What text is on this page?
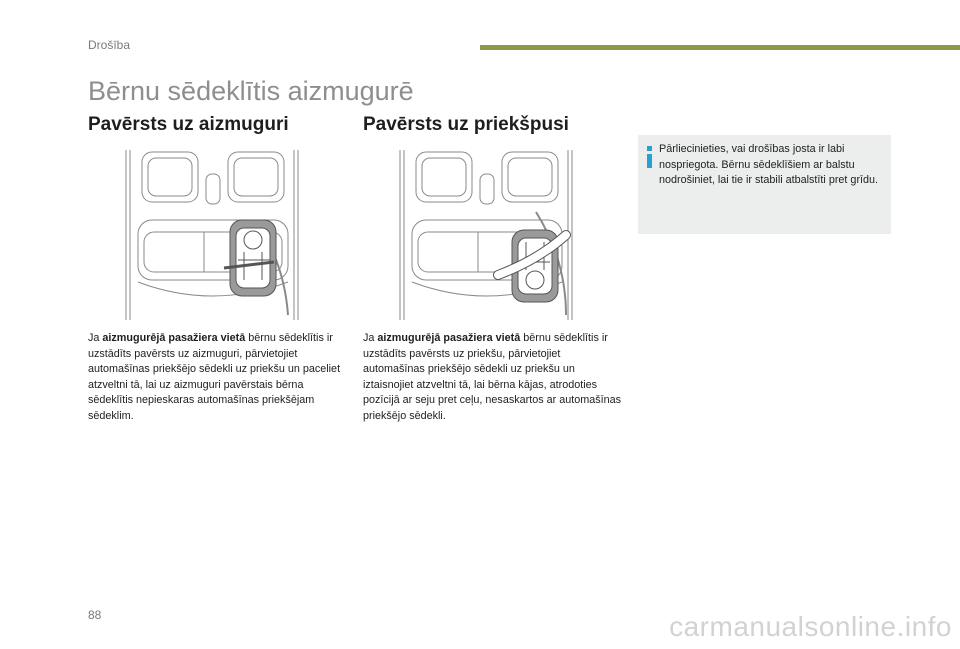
Drošība
Bērnu sēdeklītis aizmugurē
Pavērsts uz aizmuguri

Ja aizmugurējā pasažiera vietā bērnu sēdeklītis ir uzstādīts pavērsts uz aizmuguri, pārvietojiet automašīnas priekšējo sēdekli uz priekšu un paceliet atzveltni tā, lai uz aizmuguri pavērstais bērna sēdeklītis nepieskaras automašīnas priekšējam sēdeklim.

Pavērsts uz priekšpusi

Ja aizmugurējā pasažiera vietā bērnu sēdeklītis ir uzstādīts pavērsts uz priekšu, pārvietojiet automašīnas priekšējo sēdekli uz priekšu un iztaisnojiet atzveltni tā, lai bērna kājas, atrodoties pozīcijā ar seju pret ceļu, nesaskartos ar automašīnas priekšējo sēdekli.

Pārliecinieties, vai drošības josta ir labi nospriegota. Bērnu sēdeklīšiem ar balstu nodrošiniet, lai tie ir stabili atbalstīti pret grīdu.

88	carmanualsonline.info
